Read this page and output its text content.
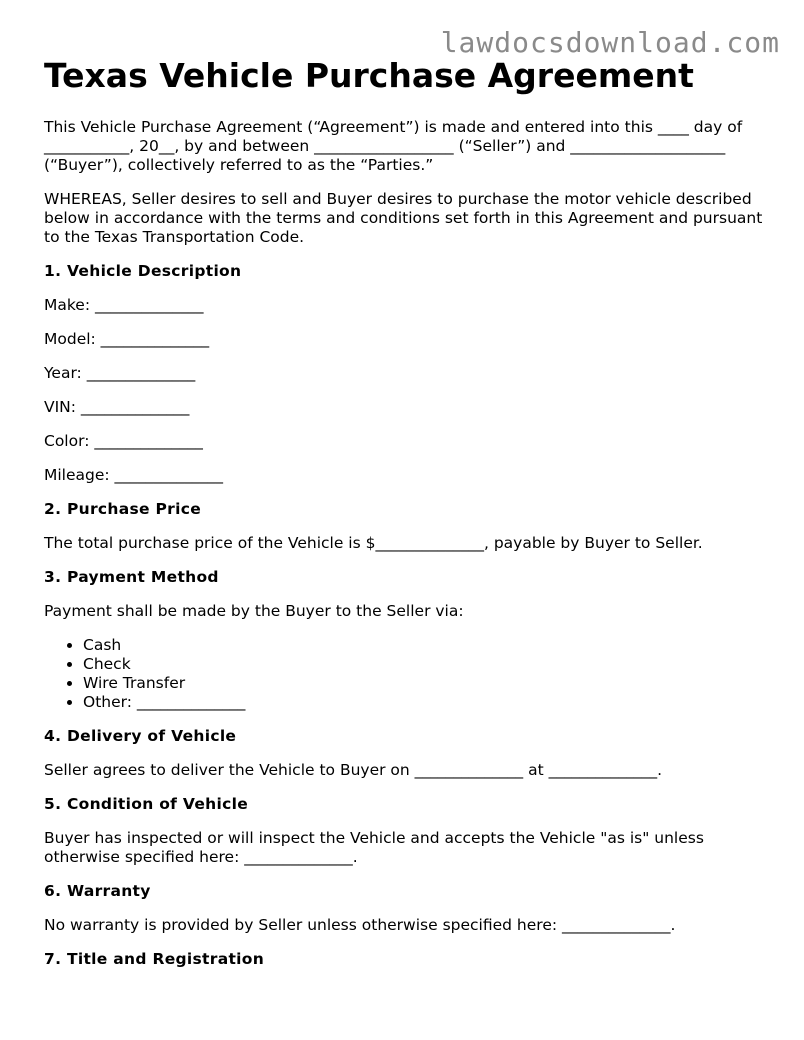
lawdocsdownload.com
Texas Vehicle Purchase Agreement

This Vehicle Purchase Agreement (“Agreement”) is made and entered into this ____ day of ___________, 20__, by and between __________________ (“Seller”) and ____________________ (“Buyer”), collectively referred to as the “Parties.”

WHEREAS, Seller desires to sell and Buyer desires to purchase the motor vehicle described below in accordance with the terms and conditions set forth in this Agreement and pursuant to the Texas Transportation Code.

1. Vehicle Description
Make: ______________
Model: ______________
Year: ______________
VIN: ______________
Color: ______________
Mileage: ______________
2. Purchase Price

The total purchase price of the Vehicle is $______________, payable by Buyer to Seller.

3. Payment Method

Payment shall be made by the Buyer to the Seller via:

• Cash
• Check
• Wire Transfer
• Other: ______________
4. Delivery of Vehicle

Seller agrees to deliver the Vehicle to Buyer on ______________ at ______________.

5. Condition of Vehicle

Buyer has inspected or will inspect the Vehicle and accepts the Vehicle "as is" unless otherwise specified here: ______________.

6. Warranty

No warranty is provided by Seller unless otherwise specified here: ______________.

7. Title and Registration
